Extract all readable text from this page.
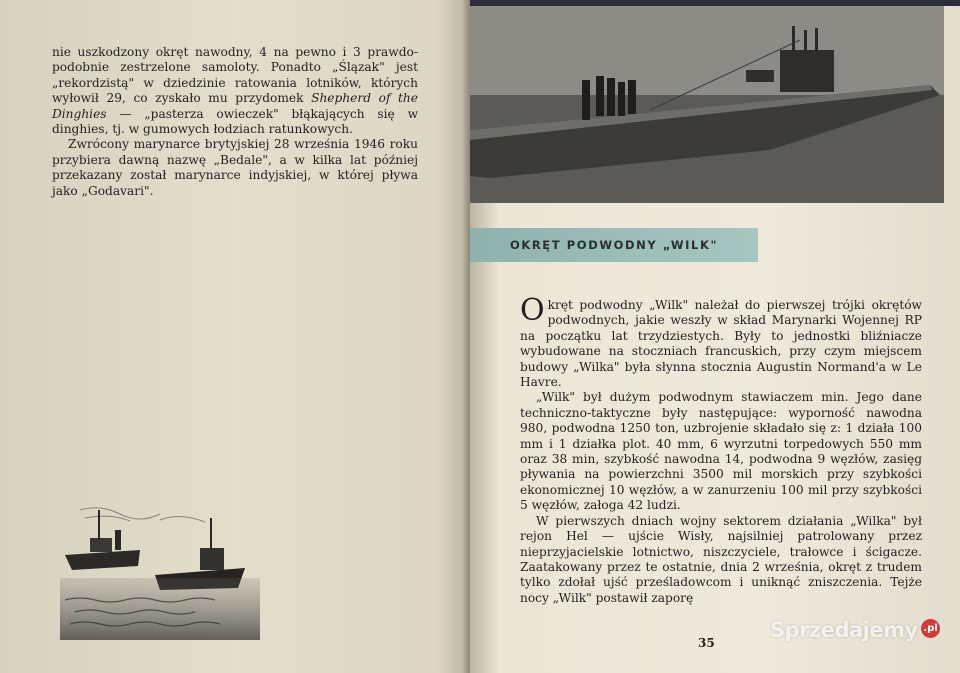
nie uszkodzony okręt nawodny, 4 na pewno i 3 prawdo-podobnie zestrzelone samoloty. Ponadto „Ślązak" jest „rekordzistą" w dziedzinie ratowania lotników, których wyłowił 29, co zyskało mu przydomek Shepherd of the Dinghies — „pasterza owieczek" błąkających się w dinghies, tj. w gumowych łodziach ratunkowych.

Zwrócony marynarce brytyjskiej 28 września 1946 roku przybiera dawną nazwę „Bedale", a w kilka lat później przekazany został marynarce indyjskiej, w której pływa jako „Godavari".

OKRĘT PODWODNY „WILK"

Okręt podwodny „Wilk" należał do pierwszej trójki okrętów podwodnych, jakie weszły w skład Marynarki Wojennej RP na początku lat trzydziestych. Były to jednostki bliźniacze wybudowane na stoczniach francuskich, przy czym miejscem budowy „Wilka" była słynna stocznia Augustin Normand'a w Le Havre.

„Wilk" był dużym podwodnym stawiaczem min. Jego dane techniczno-taktyczne były następujące: wyporność nawodna 980, podwodna 1250 ton, uzbrojenie składało się z: 1 działa 100 mm i 1 działka plot. 40 mm, 6 wyrzutni torpedowych 550 mm oraz 38 min, szybkość nawodna 14, podwodna 9 węzłów, zasięg pływania na powierzchni 3500 mil morskich przy szybkości ekonomicznej 10 węzłów, a w zanurzeniu 100 mil przy szybkości 5 węzłów, załoga 42 ludzi.

W pierwszych dniach wojny sektorem działania „Wilka" był rejon Hel — ujście Wisły, najsilniej patrolowany przez nieprzyjacielskie lotnictwo, niszczyciele, trałowce i ścigacze. Zaatakowany przez te ostatnie, dnia 2 września, okręt z trudem tylko zdołał ujść prześladowcom i uniknąć zniszczenia. Tejże nocy „Wilk" postawił zaporę

35
Sprzedajemy .pl
